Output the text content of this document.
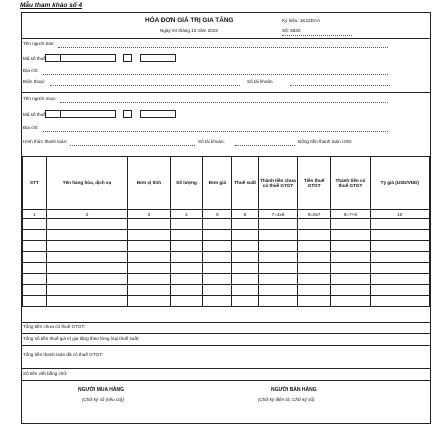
Mẫu tham khảo số 4
HÓA ĐƠN GIÁ TRỊ GIA TĂNG
Ngày 04 tháng 10 năm 2022
Ký hiệu: 1K22DAA
Số: 6830
Tên người bán:
Mã số thuế:
Địa chỉ:
Điện thoại:	Số tài khoản
Tên người mua:
Mã số thuế:
Địa chỉ:
Hình thức thanh toán:	Số tài khoản:	Đồng tiền thanh toán USD
STT	Tên hàng hóa, dịch vụ	Đơn vị tính	Số lượng	Đơn giá	Thuế suất	Thành tiền chưa có thuế GTGT	Tiền thuế GTGT	Thành tiền có thuế GTGT	Tỷ giá (USD/VND)
1	2	3	4	5	6	7=4x6	8=6x7	9=7+8	10

Tổng tiền chưa có thuế GTGT:
Tổng số tiền thuế giá trị gia tăng theo từng loại thuế suất:
Tổng tiền thanh toán đã có thuế GTGT:
Số tiền viết bằng chữ:
NGƯỜI MUA HÀNG
(Chữ ký số (nếu có))
NGƯỜI BÁN HÀNG
(Chữ ký điện tử, Chữ ký số)
